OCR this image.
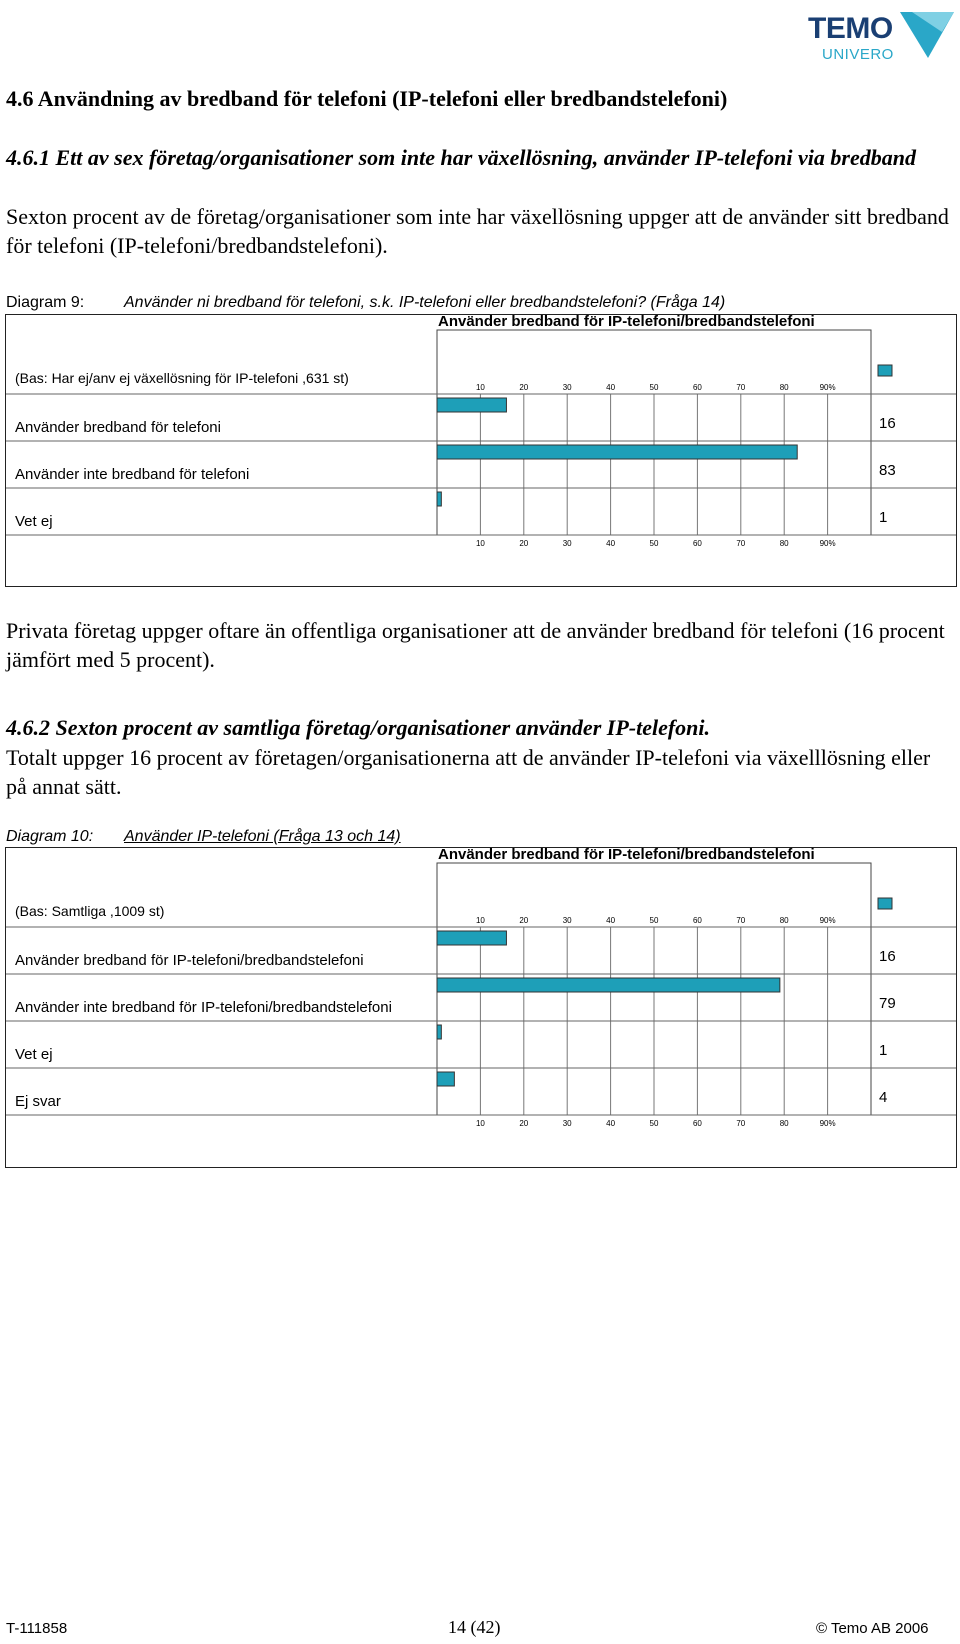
TEMO
UNIVERO
4.6 Användning av bredband för telefoni (IP-telefoni eller bredbandstelefoni)
4.6.1 Ett av sex företag/organisationer som inte har växellösning, använder IP-telefoni via bredband
Sexton procent av de företag/organisationer som inte har växellösning uppger att de använder sitt bredband för telefoni (IP-telefoni/bredbandstelefoni).
Diagram 9: Använder ni bredband för telefoni, s.k. IP-telefoni eller bredbandstelefoni? (Fråga 14)
Använder bredband för IP-telefoni/bredbandstelefoni
(Bas: Har ej/anv ej växellösning för IP-telefoni ,631 st)
10
10
20
20
30
30
40
40
50
50
60
60
70
70
80
80
90%
90%
Använder bredband för telefoni	16
Använder inte bredband för telefoni	83
Vet ej	1
Privata företag uppger oftare än offentliga organisationer att de använder bredband för telefoni (16 procent jämfört med 5 procent).
4.6.2 Sexton procent av samtliga företag/organisationer använder IP-telefoni.
Totalt uppger 16 procent av företagen/organisationerna att de använder IP-telefoni via växelllösning eller på annat sätt.
Diagram 10: Använder IP-telefoni (Fråga 13 och 14)
Använder bredband för IP-telefoni/bredbandstelefoni
(Bas: Samtliga ,1009 st)
10
10
20
20
30
30
40
40
50
50
60
60
70
70
80
80
90%
90%
Använder bredband för IP-telefoni/bredbandstelefoni	16
Använder inte bredband för IP-telefoni/bredbandstelefoni	79
Vet ej	1
Ej svar	4
T-111858	14 (42)	© Temo AB 2006
